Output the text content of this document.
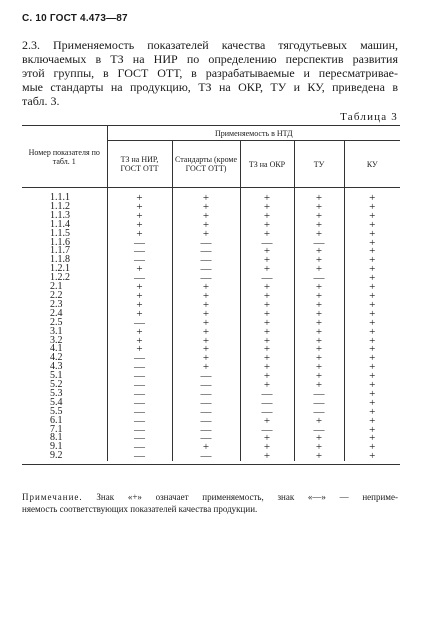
С. 10 ГОСТ 4.473—87

2.3. Применяемость показателей качества тягодутьевых машин,
включаемых в ТЗ на НИР по определению перспектив развития
этой группы, в ГОСТ ОТТ, в разрабатываемые и пересматривае-
мые стандарты на продукцию, ТЗ на ОКР, ТУ и КУ, приведена в
табл. 3.

Таблица 3
Номер показателя по табл. 1	Применяемость в НТД				
	ТЗ на НИР, ГОСТ ОТТ	Стандарты (кроме ГОСТ ОТТ)	ТЗ на ОКР	ТУ	КУ
1.1.1	+	+	+	+	+
1.1.2	+	+	+	+	+
1.1.3	+	+	+	+	+
1.1.4	+	+	+	+	+
1.1.5	+	+	+	+	+
1.1.6	—	—	—	—	+
1.1.7	—	—	+	+	+
1.1.8	—	—	+	+	+
1.2.1	+	—	+	+	+
1.2.2	—	—	—	—	+
2.1	+	+	+	+	+
2.2	+	+	+	+	+
2.3	+	+	+	+	+
2.4	+	+	+	+	+
2.5	—	+	+	+	+
3.1	+	+	+	+	+
3.2	+	+	+	+	+
4.1	+	+	+	+	+
4.2	—	+	+	+	+
4.3	—	+	+	+	+
5.1	—	—	+	+	+
5.2	—	—	+	+	+
5.3	—	—	—	—	+
5.4	—	—	—	—	+
5.5	—	—	—	—	+
6.1	—	—	+	+	+
7.1	—	—	—	—	+
8.1	—	—	+	+	+
9.1	—	+	+	+	+
9.2	—	—	+	+	+

Примечание. Знак «+» означает применяемость, знак «—» — неприме-
няемость соответствующих показателей качества продукции.
